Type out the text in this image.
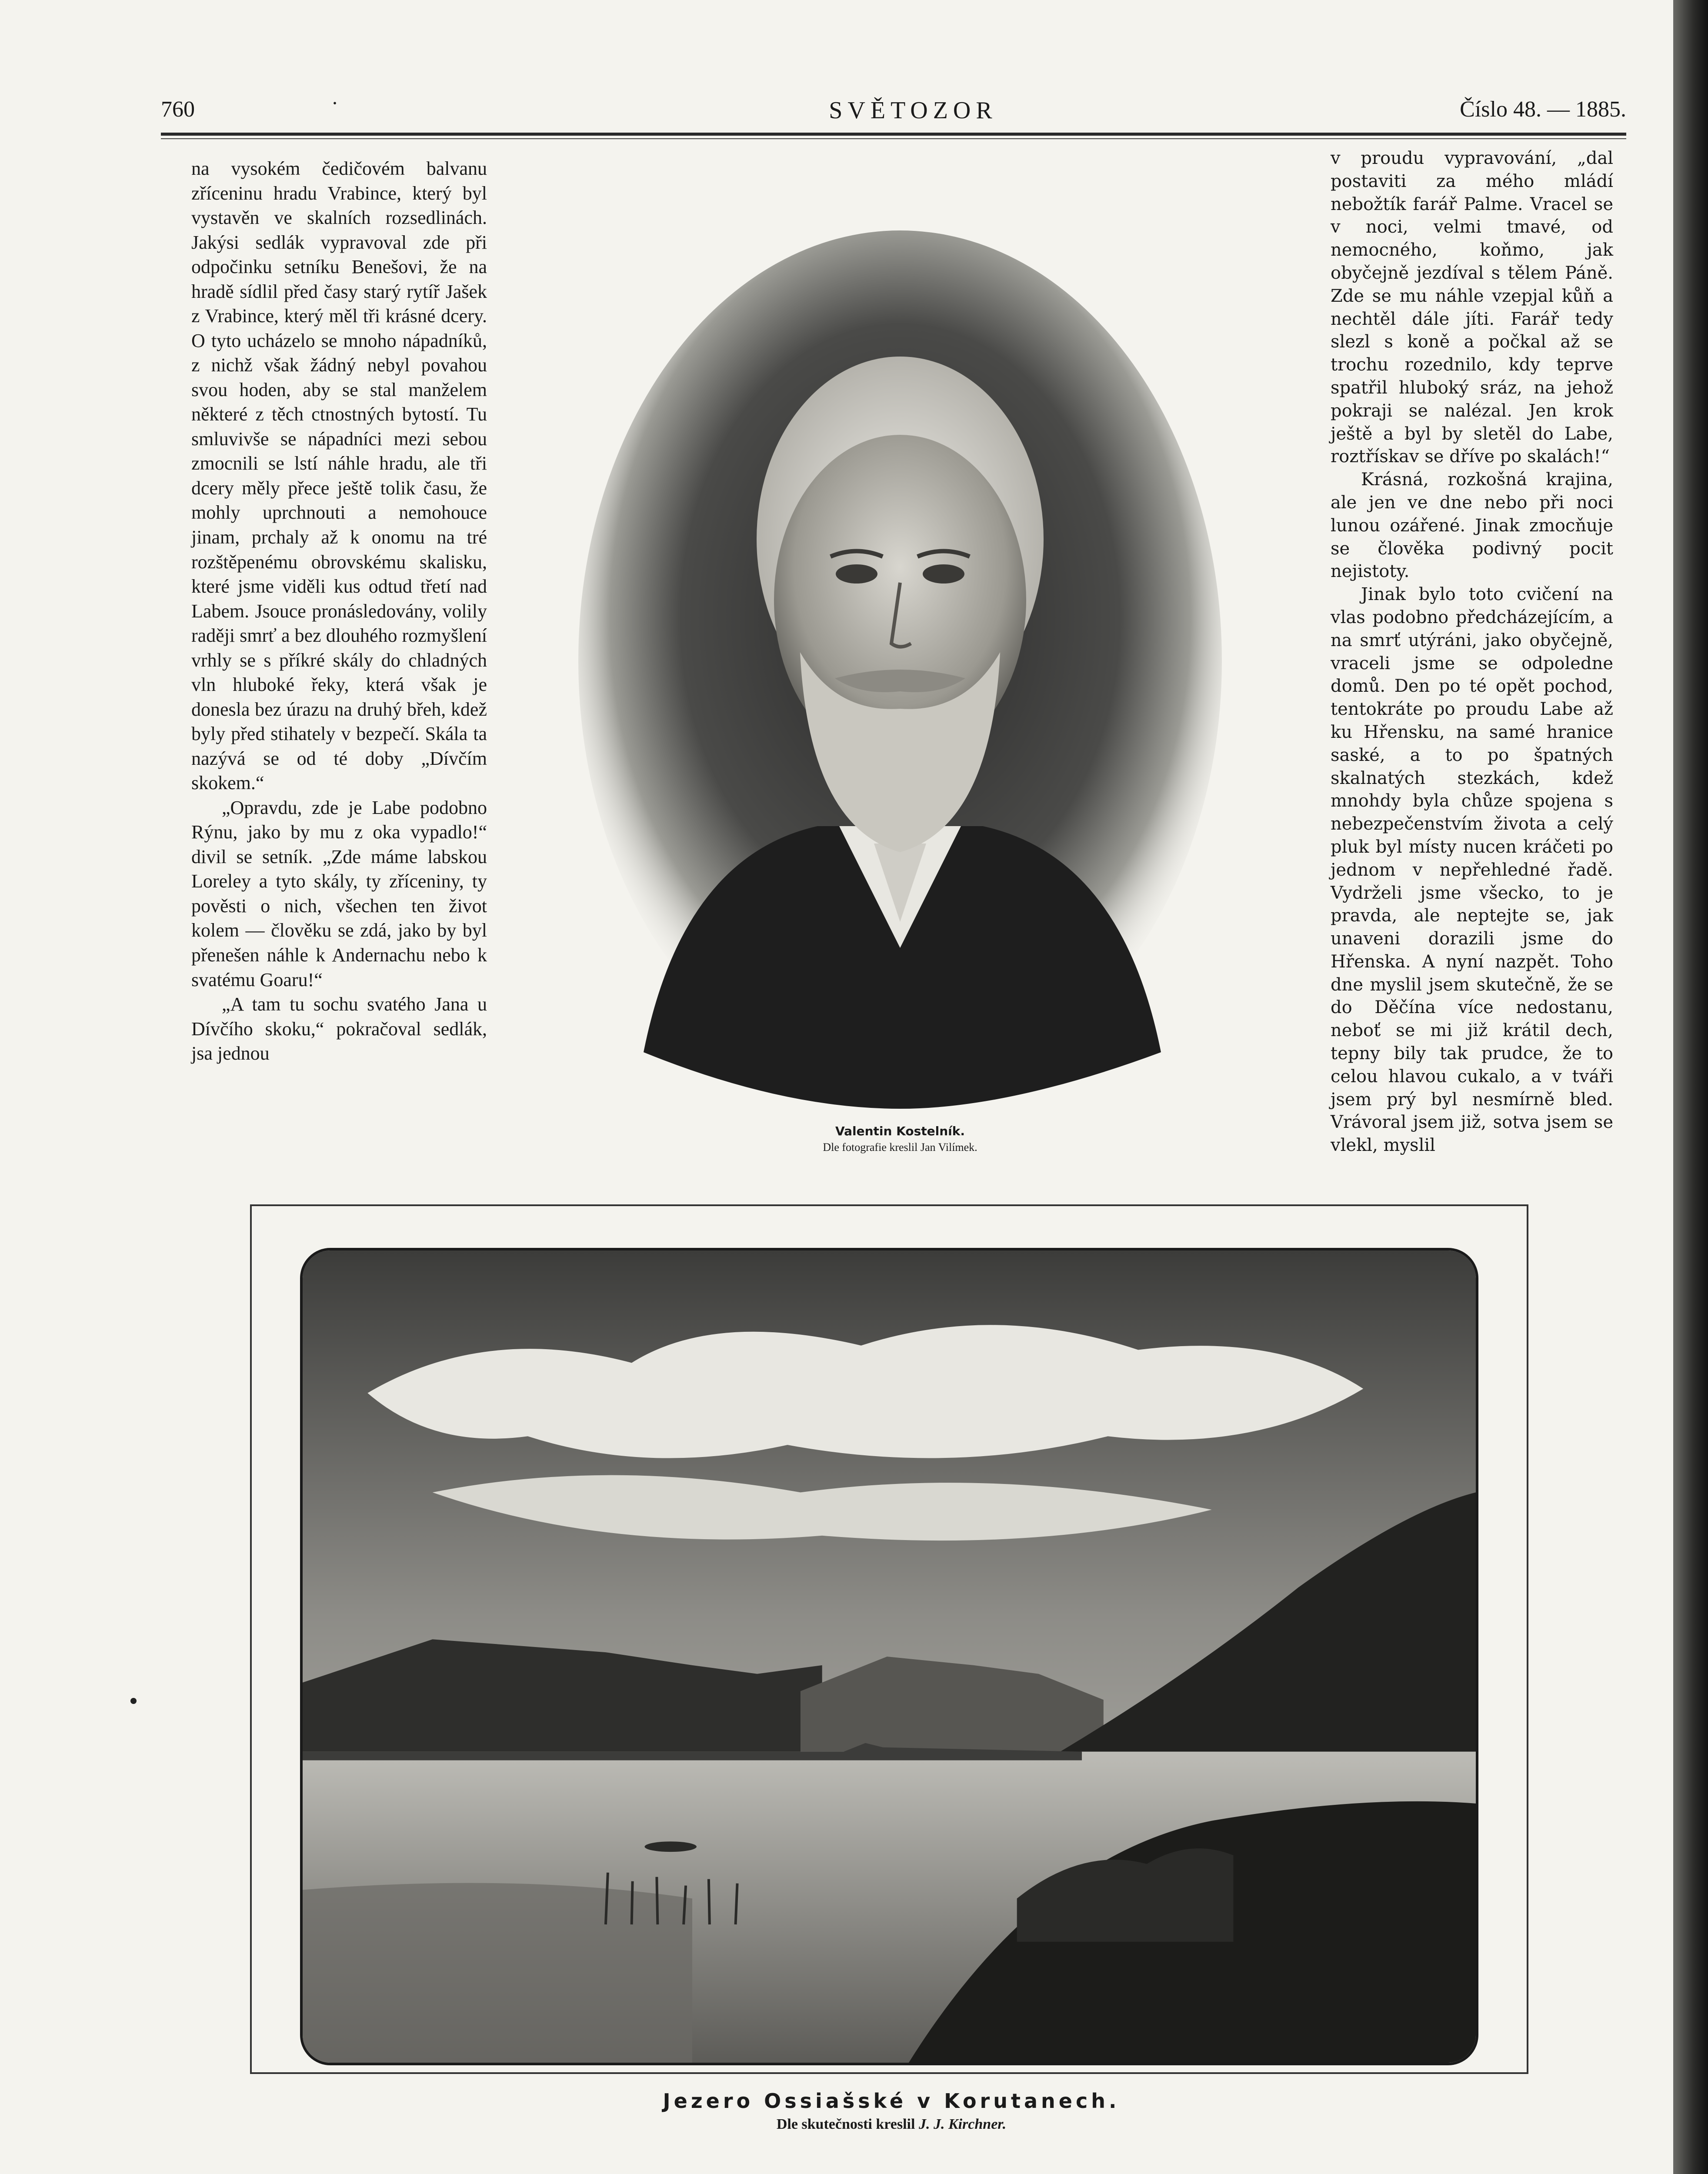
760	·	SVĚTOZOR	Číslo 48. — 1885.

na vysokém čedičovém balvanu zříceninu hradu Vrabince, který byl vystavěn ve skalních rozsedlinách. Jakýsi sedlák vypravoval zde při odpočinku setníku Benešovi, že na hradě sídlil před časy starý rytíř Jašek z Vrabince, který měl tři krásné dcery. O tyto ucházelo se mnoho nápadníků, z nichž však žádný nebyl povahou svou hoden, aby se stal manželem některé z těch ctnostných bytostí. Tu smluvivše se nápadníci mezi sebou zmocnili se lstí náhle hradu, ale tři dcery měly přece ještě tolik času, že mohly uprchnouti a nemohouce jinam, prchaly až k onomu na tré rozštěpenému obrovskému skalisku, které jsme viděli kus odtud třetí nad Labem. Jsouce pronásledovány, volily raději smrť a bez dlouhého rozmyšlení vrhly se s příkré skály do chladných vln hluboké řeky, která však je donesla bez úrazu na druhý břeh, kdež byly před stihately v bezpečí. Skála ta nazývá se od té doby „Dívčím skokem.“

„Opravdu, zde je Labe podobno Rýnu, jako by mu z oka vypadlo!“ divil se setník. „Zde máme labskou Loreley a tyto skály, ty zříceniny, ty pověsti o nich, všechen ten život kolem — člověku se zdá, jako by byl přenešen náhle k Andernachu nebo k svatému Goaru!“

„A tam tu sochu svatého Jana u Dívčího skoku,“ pokračoval sedlák, jsa jednou

Valentin Kostelník.
Dle fotografie kreslil Jan Vilímek.

v proudu vypravování, „dal postaviti za mého mládí nebožtík farář Palme. Vracel se v noci, velmi tmavé, od nemocného, koňmo, jak obyčejně jezdíval s tělem Páně. Zde se mu náhle vzepjal kůň a nechtěl dále jíti. Farář tedy slezl s koně a počkal až se trochu rozednilo, kdy teprve spatřil hluboký sráz, na jehož pokraji se nalézal. Jen krok ještě a byl by sletěl do Labe, roztřískav se dříve po skalách!“

Krásná, rozkošná krajina, ale jen ve dne nebo při noci lunou ozářené. Jinak zmocňuje se člověka podivný pocit nejistoty.

Jinak bylo toto cvičení na vlas podobno předcházejícím, a na smrť utýráni, jako obyčejně, vraceli jsme se odpoledne domů. Den po té opět pochod, tentokráte po proudu Labe až ku Hřensku, na samé hranice saské, a to po špatných skalnatých stezkách, kdež mnohdy byla chůze spojena s nebezpečenstvím života a celý pluk byl místy nucen kráčeti po jednom v nepřehledné řadě. Vydrželi jsme všecko, to je pravda, ale neptejte se, jak unaveni dorazili jsme do Hřenska. A nyní nazpět. Toho dne myslil jsem skutečně, že se do Děčína více nedostanu, neboť se mi již krátil dech, tepny bily tak prudce, že to celou hlavou cukalo, a v tváři jsem prý byl nesmírně bled. Vrávoral jsem již, sotva jsem se vlekl, myslil

Jezero Ossiašské v Korutanech.
Dle skutečnosti kreslil J. J. Kirchner.
